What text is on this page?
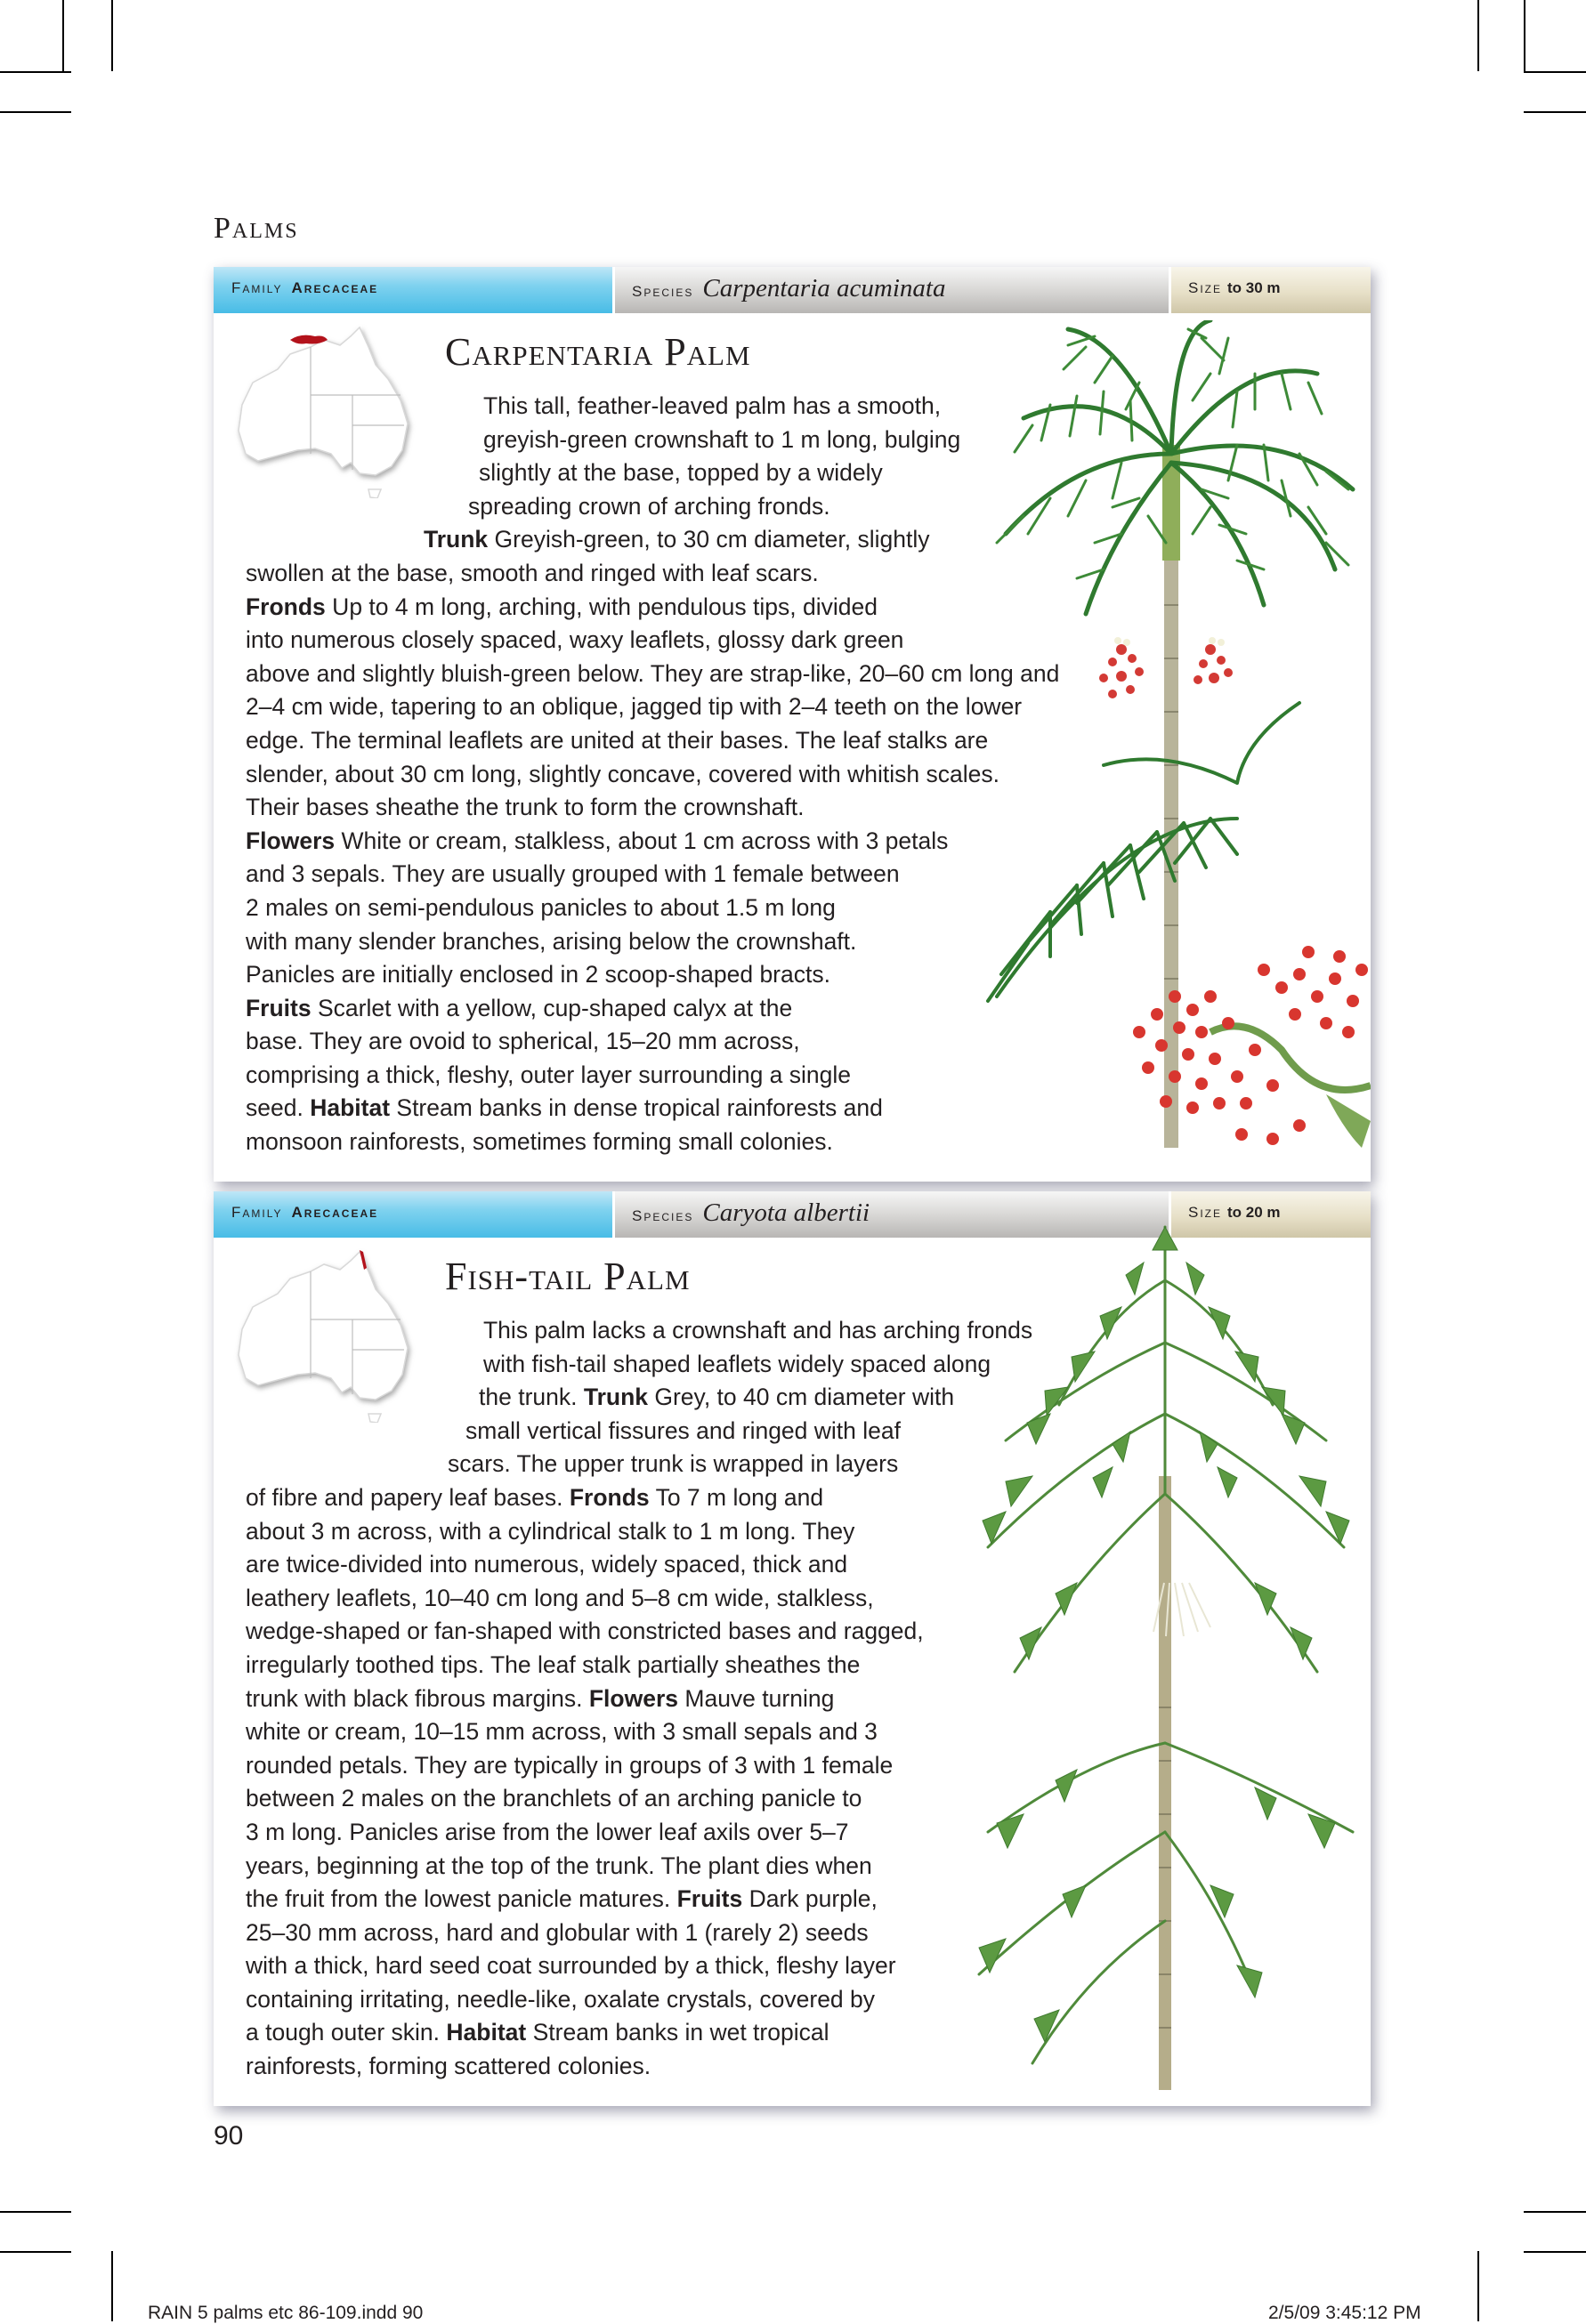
Palms
Family Arecaceae	Species Carpentaria acuminata	Size to 30 m
Carpentaria Palm
This tall, feather-leaved palm has a smooth,
greyish-green crownshaft to 1 m long, bulging
slightly at the base, topped by a widely
spreading crown of arching fronds.
Trunk Greyish-green, to 30 cm diameter, slightly
swollen at the base, smooth and ringed with leaf scars.
Fronds Up to 4 m long, arching, with pendulous tips, divided
into numerous closely spaced, waxy leaflets, glossy dark green
above and slightly bluish-green below. They are strap-like, 20–60 cm long and
2–4 cm wide, tapering to an oblique, jagged tip with 2–4 teeth on the lower
edge. The terminal leaflets are united at their bases. The leaf stalks are
slender, about 30 cm long, slightly concave, covered with whitish scales.
Their bases sheathe the trunk to form the crownshaft.
Flowers White or cream, stalkless, about 1 cm across with 3 petals
and 3 sepals. They are usually grouped with 1 female between
2 males on semi-pendulous panicles to about 1.5 m long
with many slender branches, arising below the crownshaft.
Panicles are initially enclosed in 2 scoop-shaped bracts.
Fruits Scarlet with a yellow, cup-shaped calyx at the
base. They are ovoid to spherical, 15–20 mm across,
comprising a thick, fleshy, outer layer surrounding a single
seed. Habitat Stream banks in dense tropical rainforests and
monsoon rainforests, sometimes forming small colonies.
Family Arecaceae	Species Caryota albertii	Size to 20 m
Fish-tail Palm
This palm lacks a crownshaft and has arching fronds
with fish-tail shaped leaflets widely spaced along
the trunk. Trunk Grey, to 40 cm diameter with
small vertical fissures and ringed with leaf
scars. The upper trunk is wrapped in layers
of fibre and papery leaf bases. Fronds To 7 m long and
about 3 m across, with a cylindrical stalk to 1 m long. They
are twice-divided into numerous, widely spaced, thick and
leathery leaflets, 10–40 cm long and 5–8 cm wide, stalkless,
wedge-shaped or fan-shaped with constricted bases and ragged,
irregularly toothed tips. The leaf stalk partially sheathes the
trunk with black fibrous margins. Flowers Mauve turning
white or cream, 10–15 mm across, with 3 small sepals and 3
rounded petals. They are typically in groups of 3 with 1 female
between 2 males on the branchlets of an arching panicle to
3 m long. Panicles arise from the lower leaf axils over 5–7
years, beginning at the top of the trunk. The plant dies when
the fruit from the lowest panicle matures. Fruits Dark purple,
25–30 mm across, hard and globular with 1 (rarely 2) seeds
with a thick, hard seed coat surrounded by a thick, fleshy layer
containing irritating, needle-like, oxalate crystals, covered by
a tough outer skin. Habitat Stream banks in wet tropical
rainforests, forming scattered colonies.
90
RAIN 5 palms etc 86-109.indd 90	2/5/09 3:45:12 PM
